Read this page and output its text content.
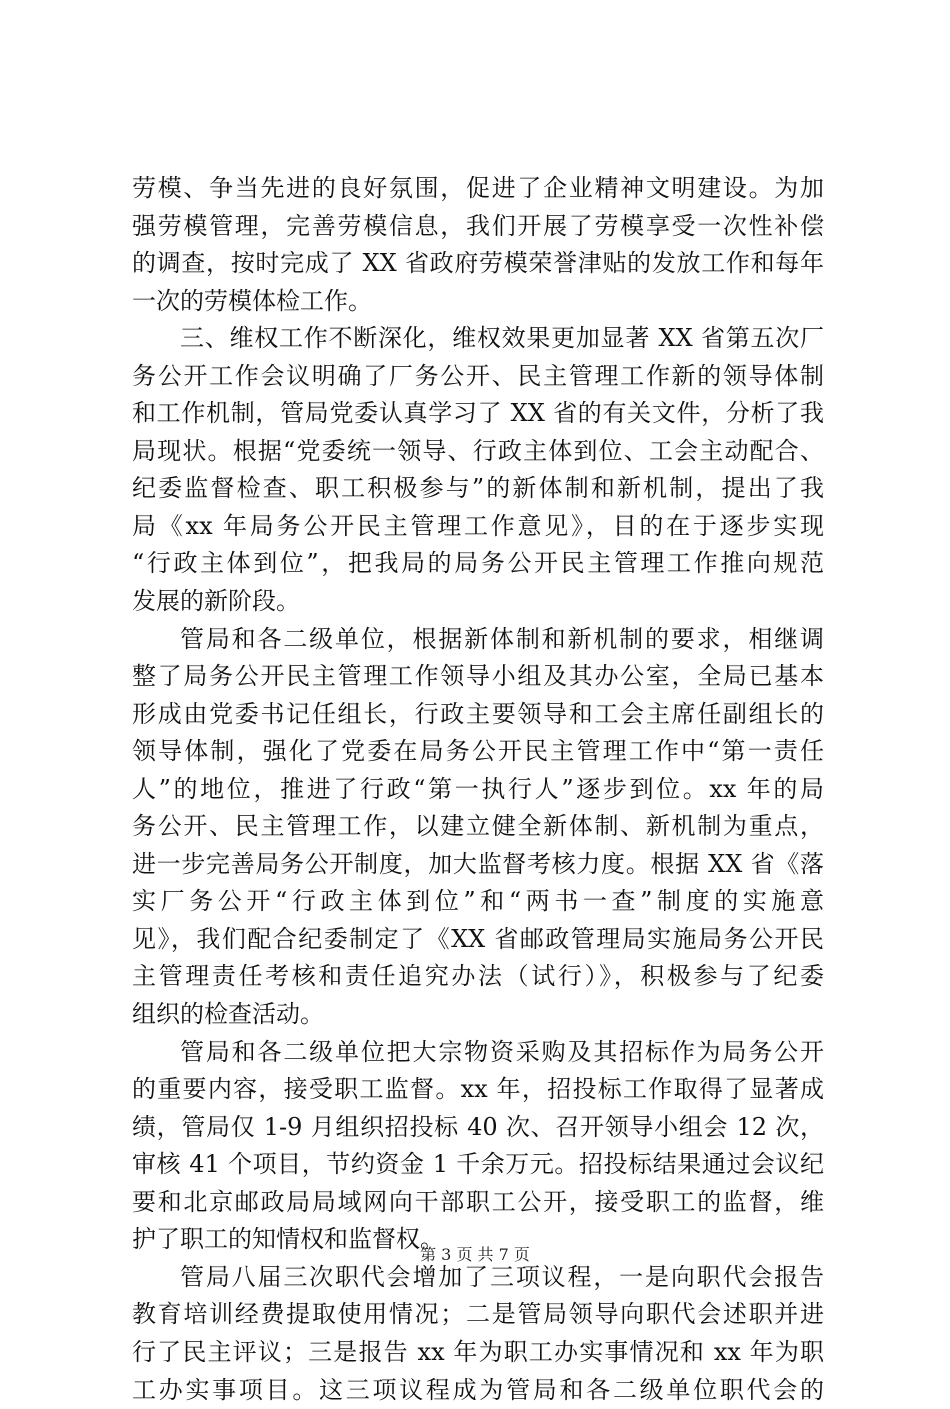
劳模、争当先进的良好氛围，促进了企业精神文明建设。为加
强劳模管理，完善劳模信息，我们开展了劳模享受一次性补偿
的调查，按时完成了 XX 省政府劳模荣誉津贴的发放工作和每年
一次的劳模体检工作。
三、维权工作不断深化，维权效果更加显著 XX 省第五次厂
务公开工作会议明确了厂务公开、民主管理工作新的领导体制
和工作机制，管局党委认真学习了 XX 省的有关文件，分析了我
局现状。根据“党委统一领导、行政主体到位、工会主动配合、
纪委监督检查、职工积极参与”的新体制和新机制，提出了我
局《xx 年局务公开民主管理工作意见》，目的在于逐步实现
“行政主体到位”，把我局的局务公开民主管理工作推向规范
发展的新阶段。
管局和各二级单位，根据新体制和新机制的要求，相继调
整了局务公开民主管理工作领导小组及其办公室，全局已基本
形成由党委书记任组长，行政主要领导和工会主席任副组长的
领导体制，强化了党委在局务公开民主管理工作中“第一责任
人”的地位，推进了行政“第一执行人”逐步到位。xx 年的局
务公开、民主管理工作，以建立健全新体制、新机制为重点，
进一步完善局务公开制度，加大监督考核力度。根据 XX 省《落
实厂务公开“行政主体到位”和“两书一查”制度的实施意
见》，我们配合纪委制定了《XX 省邮政管理局实施局务公开民
主管理责任考核和责任追究办法（试行）》，积极参与了纪委
组织的检查活动。
管局和各二级单位把大宗物资采购及其招标作为局务公开
的重要内容，接受职工监督。xx 年，招投标工作取得了显著成
绩，管局仅 1-9 月组织招投标 40 次、召开领导小组会 12 次，
审核 41 个项目，节约资金 1 千余万元。招投标结果通过会议纪
要和北京邮政局局域网向干部职工公开，接受职工的监督，维
护了职工的知情权和监督权。
管局八届三次职代会增加了三项议程，一是向职代会报告
教育培训经费提取使用情况；二是管局领导向职代会述职并进
行了民主评议；三是报告 xx 年为职工办实事情况和 xx 年为职
工办实事项目。这三项议程成为管局和各二级单位职代会的
第 3 页 共 7 页
